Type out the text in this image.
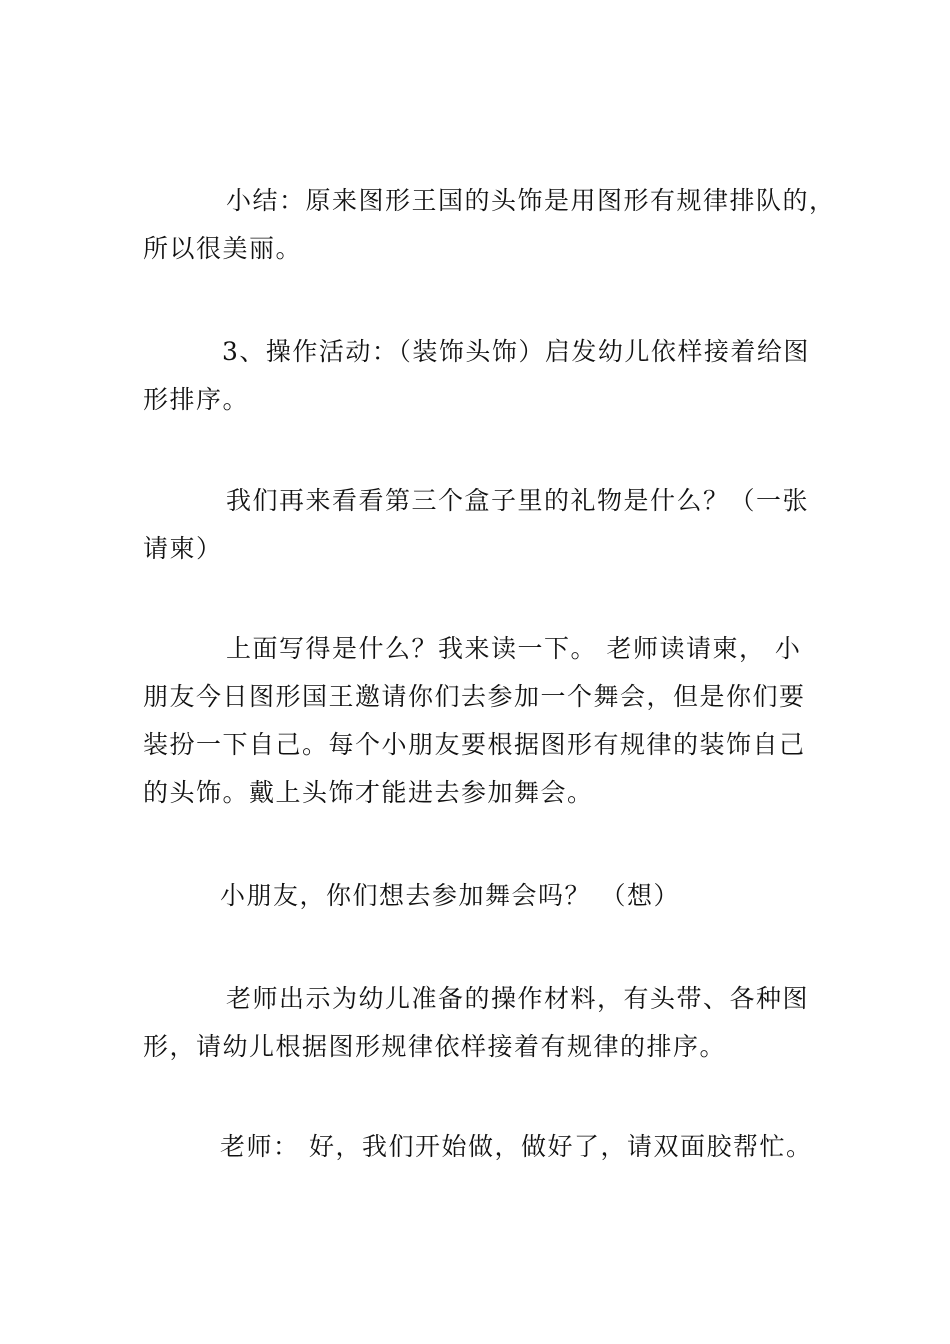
小结：原来图形王国的头饰是用图形有规律排队的，
所以很美丽。
3、操作活动：（装饰头饰）启发幼儿依样接着给图
形排序。
我们再来看看第三个盒子里的礼物是什么？（一张
请柬）
上面写得是什么？我来读一下。 老师读请柬， 小
朋友今日图形国王邀请你们去参加一个舞会，但是你们要
装扮一下自己。每个小朋友要根据图形有规律的装饰自己
的头饰。戴上头饰才能进去参加舞会。
小朋友，你们想去参加舞会吗？ （想）
老师出示为幼儿准备的操作材料，有头带、各种图
形，请幼儿根据图形规律依样接着有规律的排序。
老师： 好，我们开始做，做好了，请双面胶帮忙。
